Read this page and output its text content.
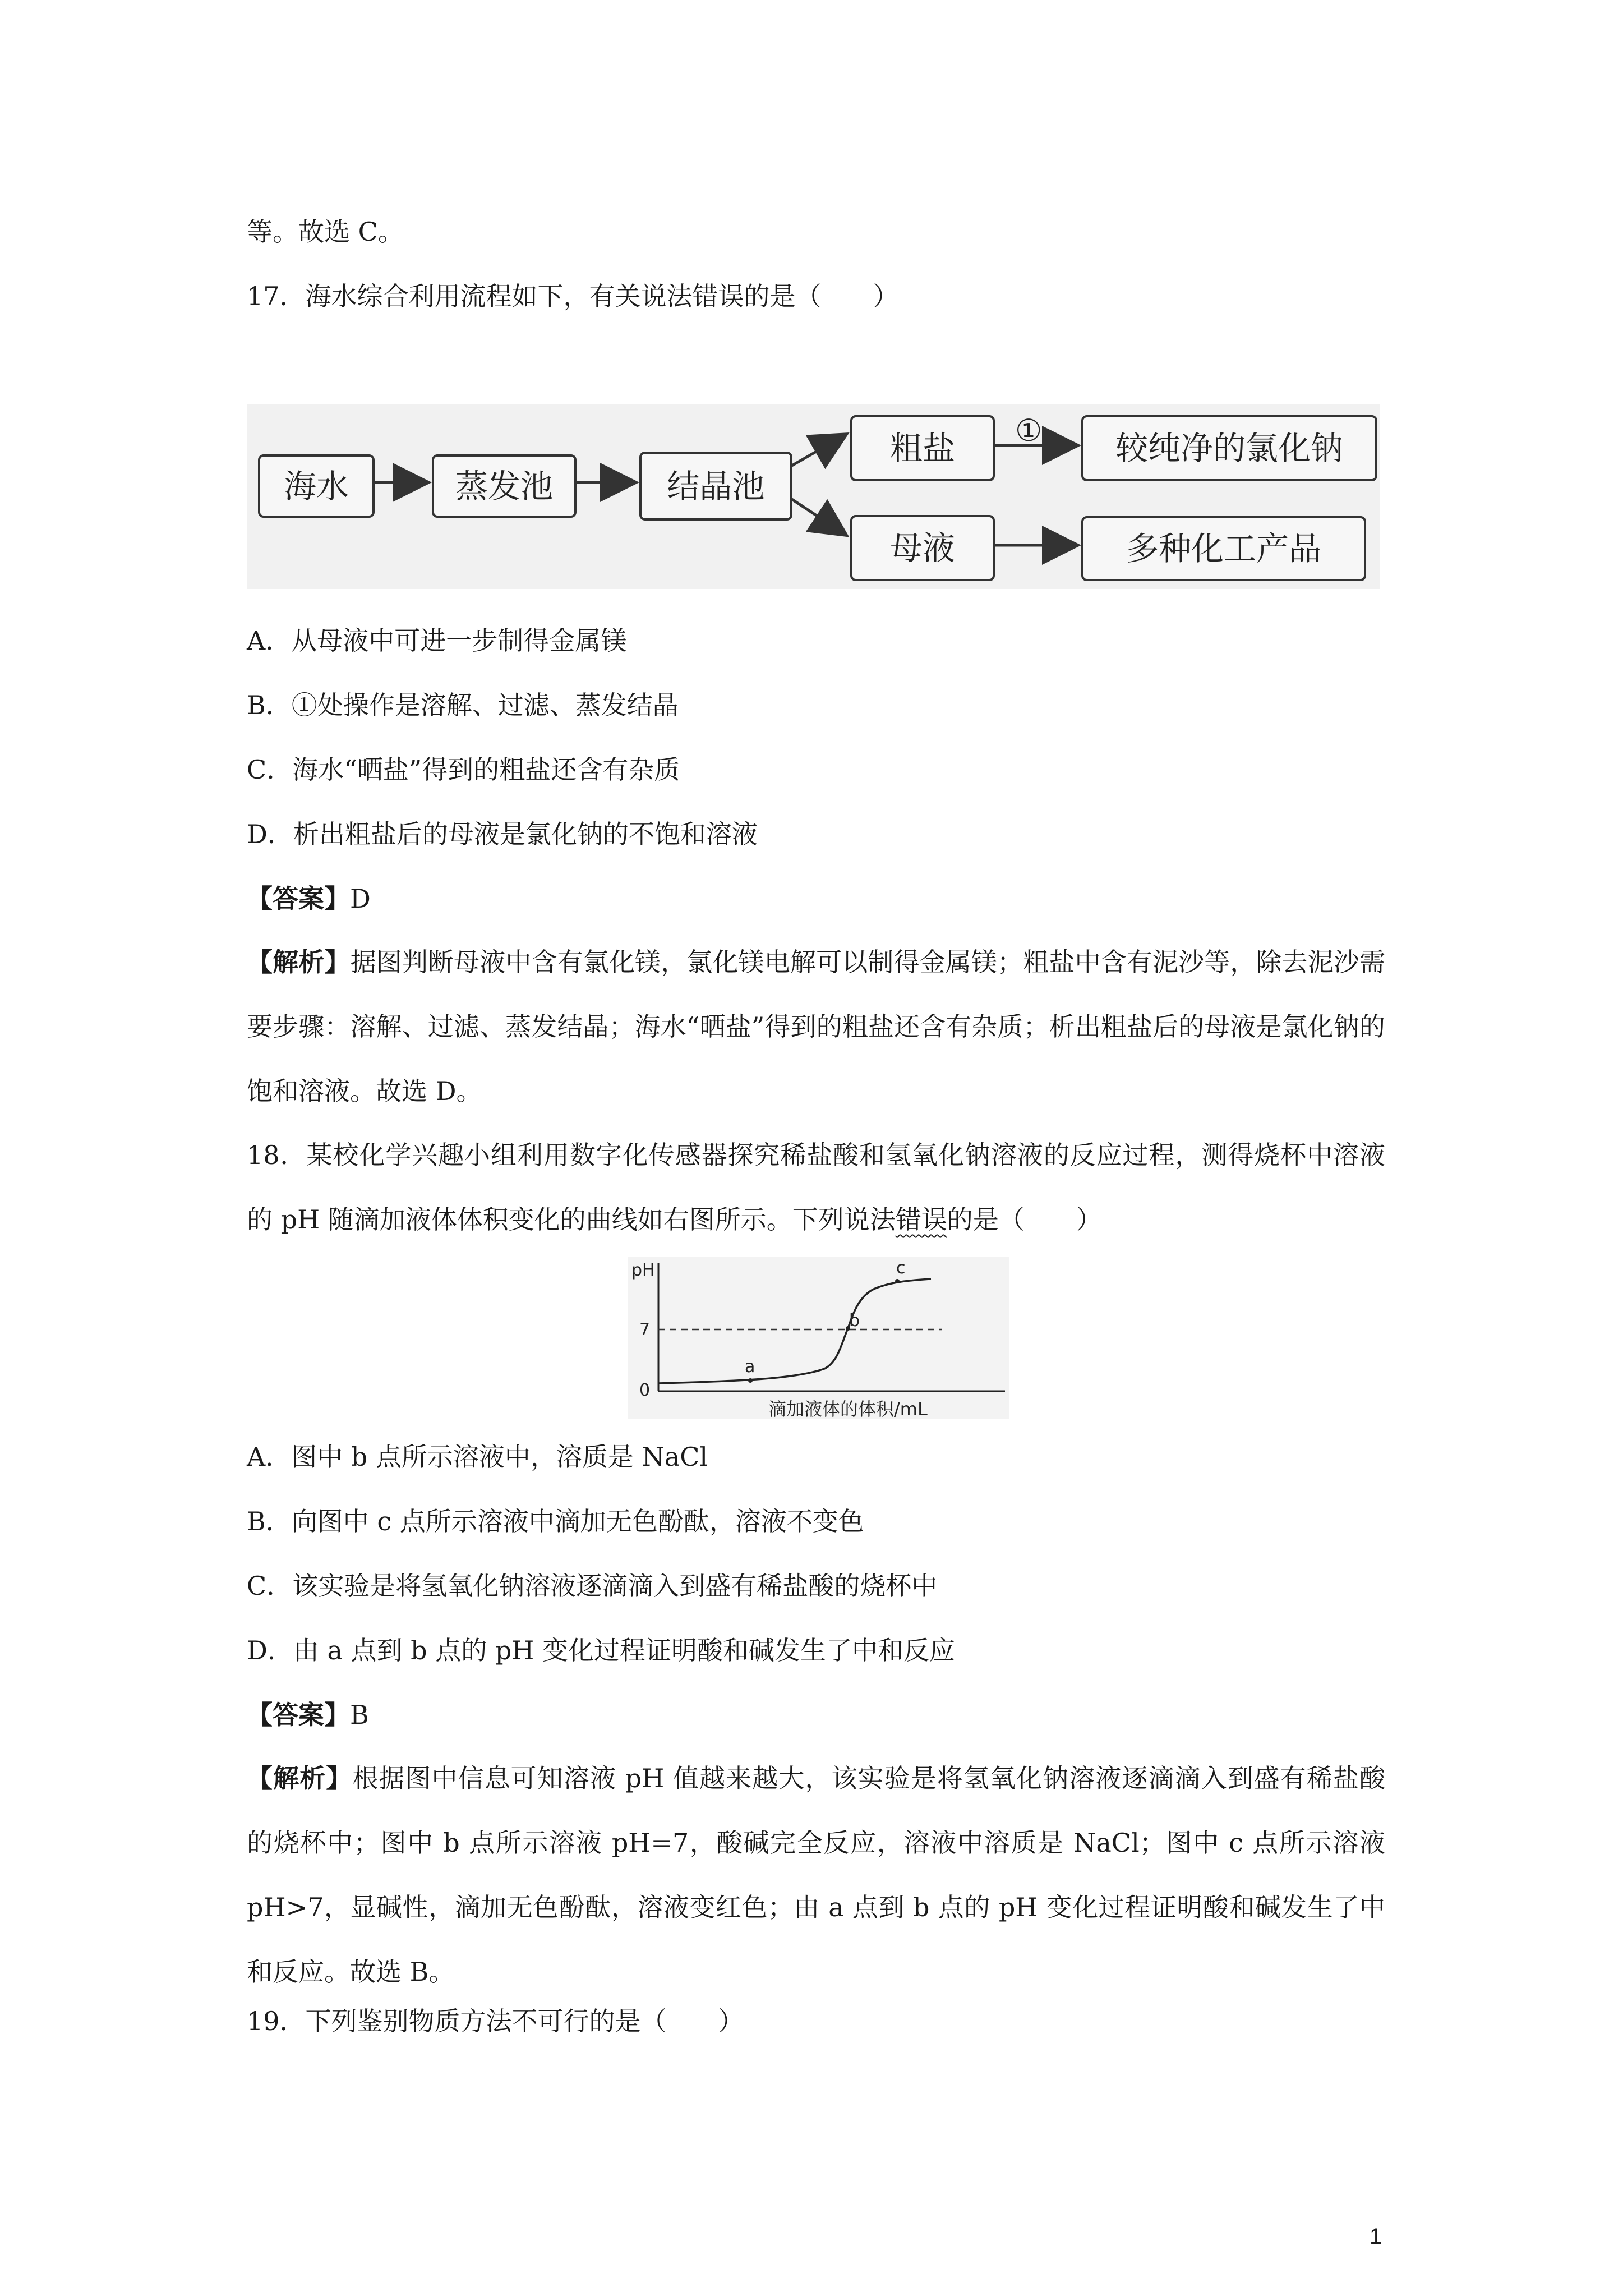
等。故选 C。
17．海水综合利用流程如下，有关说法错误的是（　　）
海水	蒸发池	结晶池
粗盐
母液
①	较纯净的氯化钠
多种化工产品
A．从母液中可进一步制得金属镁
B．①处操作是溶解、过滤、蒸发结晶
C．海水“晒盐”得到的粗盐还含有杂质
D．析出粗盐后的母液是氯化钠的不饱和溶液
【答案】D
【解析】据图判断母液中含有氯化镁，氯化镁电解可以制得金属镁；粗盐中含有泥沙等，除去泥沙需要步骤：溶解、过滤、蒸发结晶；海水“晒盐”得到的粗盐还含有杂质；析出粗盐后的母液是氯化钠的饱和溶液。故选 D。
18．某校化学兴趣小组利用数字化传感器探究稀盐酸和氢氧化钠溶液的反应过程，测得烧杯中溶液的 pH 随滴加液体体积变化的曲线如右图所示。下列说法错误的是（　　）
pH
0
7
a
b
c
滴加液体的体积/mL
A．图中 b 点所示溶液中，溶质是 NaCl
B．向图中 c 点所示溶液中滴加无色酚酞，溶液不变色
C．该实验是将氢氧化钠溶液逐滴滴入到盛有稀盐酸的烧杯中
D．由 a 点到 b 点的 pH 变化过程证明酸和碱发生了中和反应
【答案】B
【解析】根据图中信息可知溶液 pH 值越来越大，该实验是将氢氧化钠溶液逐滴滴入到盛有稀盐酸的烧杯中；图中 b 点所示溶液 pH=7，酸碱完全反应，溶液中溶质是 NaCl；图中 c 点所示溶液 pH>7，显碱性，滴加无色酚酞，溶液变红色；由 a 点到 b 点的 pH 变化过程证明酸和碱发生了中和反应。故选 B。
19．下列鉴别物质方法不可行的是（　　）
1
